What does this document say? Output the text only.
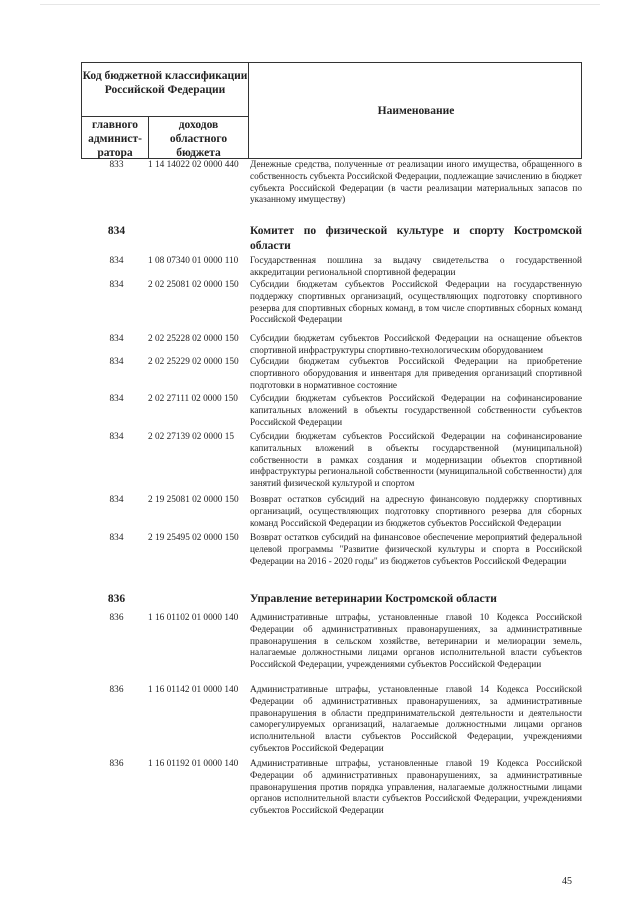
Код бюджетной классификации Российской Федерации
главного админист-ратора
доходов областного бюджета
Наименование
833	1 14 14022 02 0000 440	Денежные средства, полученные от реализации иного имущества, обращенного в собственность субъекта Российской Федерации, подлежащие зачислению в бюджет субъекта Российской Федерации (в части реализации материальных запасов по указанному имуществу)
834	Комитет по физической культуре и спорту Костромской области
834	1 08 07340 01 0000 110	Государственная пошлина за выдачу свидетельства о государственной аккредитации региональной спортивной федерации
834	2 02 25081 02 0000 150	Субсидии бюджетам субъектов Российской Федерации на государственную поддержку спортивных организаций, осуществляющих подготовку спортивного резерва для спортивных сборных команд, в том числе спортивных сборных команд Российской Федерации
834	2 02 25228 02 0000 150	Субсидии бюджетам субъектов Российской Федерации на оснащение объектов спортивной инфраструктуры спортивно-технологическим оборудованием
834	2 02 25229 02 0000 150	Субсидии бюджетам субъектов Российской Федерации на приобретение спортивного оборудования и инвентаря для приведения организаций спортивной подготовки в нормативное состояние
834	2 02 27111 02 0000 150	Субсидии бюджетам субъектов Российской Федерации на софинансирование капитальных вложений в объекты государственной собственности субъектов Российской Федерации
834	2 02 27139 02 0000 15	Субсидии бюджетам субъектов Российской Федерации на софинансирование капитальных вложений в объекты государственной (муниципальной) собственности в рамках создания и модернизации объектов спортивной инфраструктуры региональной собственности (муниципальной собственности) для занятий физической культурой и спортом
834	2 19 25081 02 0000 150	Возврат остатков субсидий на адресную финансовую поддержку спортивных организаций, осуществляющих подготовку спортивного резерва для сборных команд Российской Федерации из бюджетов субъектов Российской Федерации
834	2 19 25495 02 0000 150	Возврат остатков субсидий на финансовое обеспечение мероприятий федеральной целевой программы "Развитие физической культуры и спорта в Российской Федерации на 2016 - 2020 годы" из бюджетов субъектов Российской Федерации
836	Управление ветеринарии Костромской области
836	1 16 01102 01 0000 140	Административные штрафы, установленные главой 10 Кодекса Российской Федерации об административных правонарушениях, за административные правонарушения в сельском хозяйстве, ветеринарии и мелиорации земель, налагаемые должностными лицами органов исполнительной власти субъектов Российской Федерации, учреждениями субъектов Российской Федерации
836	1 16 01142 01 0000 140	Административные штрафы, установленные главой 14 Кодекса Российской Федерации об административных правонарушениях, за административные правонарушения в области предпринимательской деятельности и деятельности саморегулируемых организаций, налагаемые должностными лицами органов исполнительной власти субъектов Российской Федерации, учреждениями субъектов Российской Федерации
836	1 16 01192 01 0000 140	Административные штрафы, установленные главой 19 Кодекса Российской Федерации об административных правонарушениях, за административные правонарушения против порядка управления, налагаемые должностными лицами органов исполнительной власти субъектов Российской Федерации, учреждениями субъектов Российской Федерации
45
